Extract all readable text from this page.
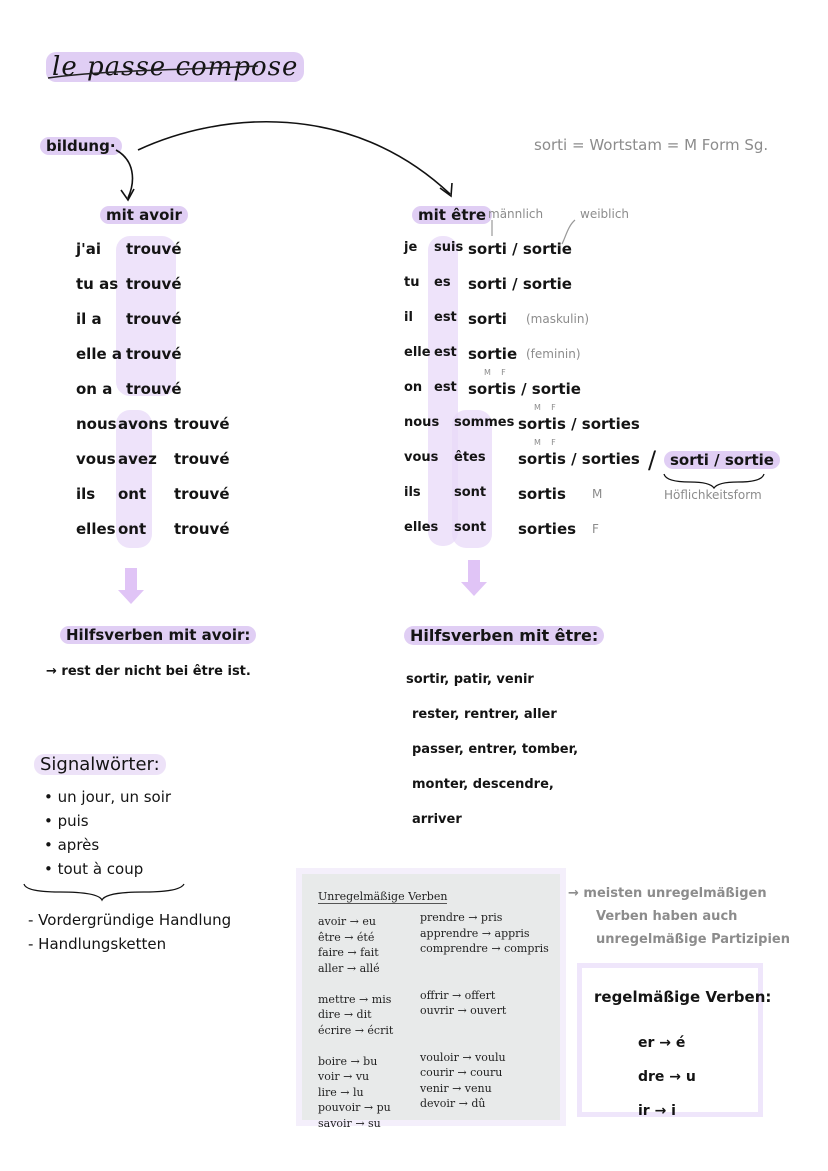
le passe compose
bildung·	sorti = Wortstam = M Form Sg.
mit avoir
j'ai trouvé
tu as trouvé
il a trouvé
elle a trouvé
on a trouvé
nous avons trouvé
vous avez trouvé
ils ont trouvé
elles ont trouvé
Hilfsverben mit avoir:
→ rest der nicht bei être ist.
mit être männlich	weiblich
je suis sorti / sortie
tu es sorti / sortie
il est sorti (maskulin)
elle est sortie (feminin)
on est sortis / sortie
M    F
nous sommes sortis / sorties
M    F
vous êtes sortis / sorties
M    F
ils	sont sortis M
elles sont sorties F
/ sorti / sortie
Höflichkeitsform
Hilfsverben mit être:
sortir, patir, venir
rester, rentrer, aller
passer, entrer, tomber,
monter, descendre,
arriver
Signalwörter:
• un jour, un soir
• puis
• après
• tout à coup
- Vordergründige Handlung
- Handlungsketten
Unregelmäßige Verben
avoir → eu
être → été
faire → fait
aller → allé
mettre → mis
dire → dit
écrire → écrit
boire → bu
voir → vu
lire → lu
pouvoir → pu
savoir → su
prendre → pris
apprendre → appris
comprendre → compris
offrir → offert
ouvrir → ouvert
vouloir → voulu
courir → couru
venir → venu
devoir → dû
→ meisten unregelmäßigen
Verben haben auch
unregelmäßige Partizipien
regelmäßige Verben:
er → é
dre → u
ir → i
